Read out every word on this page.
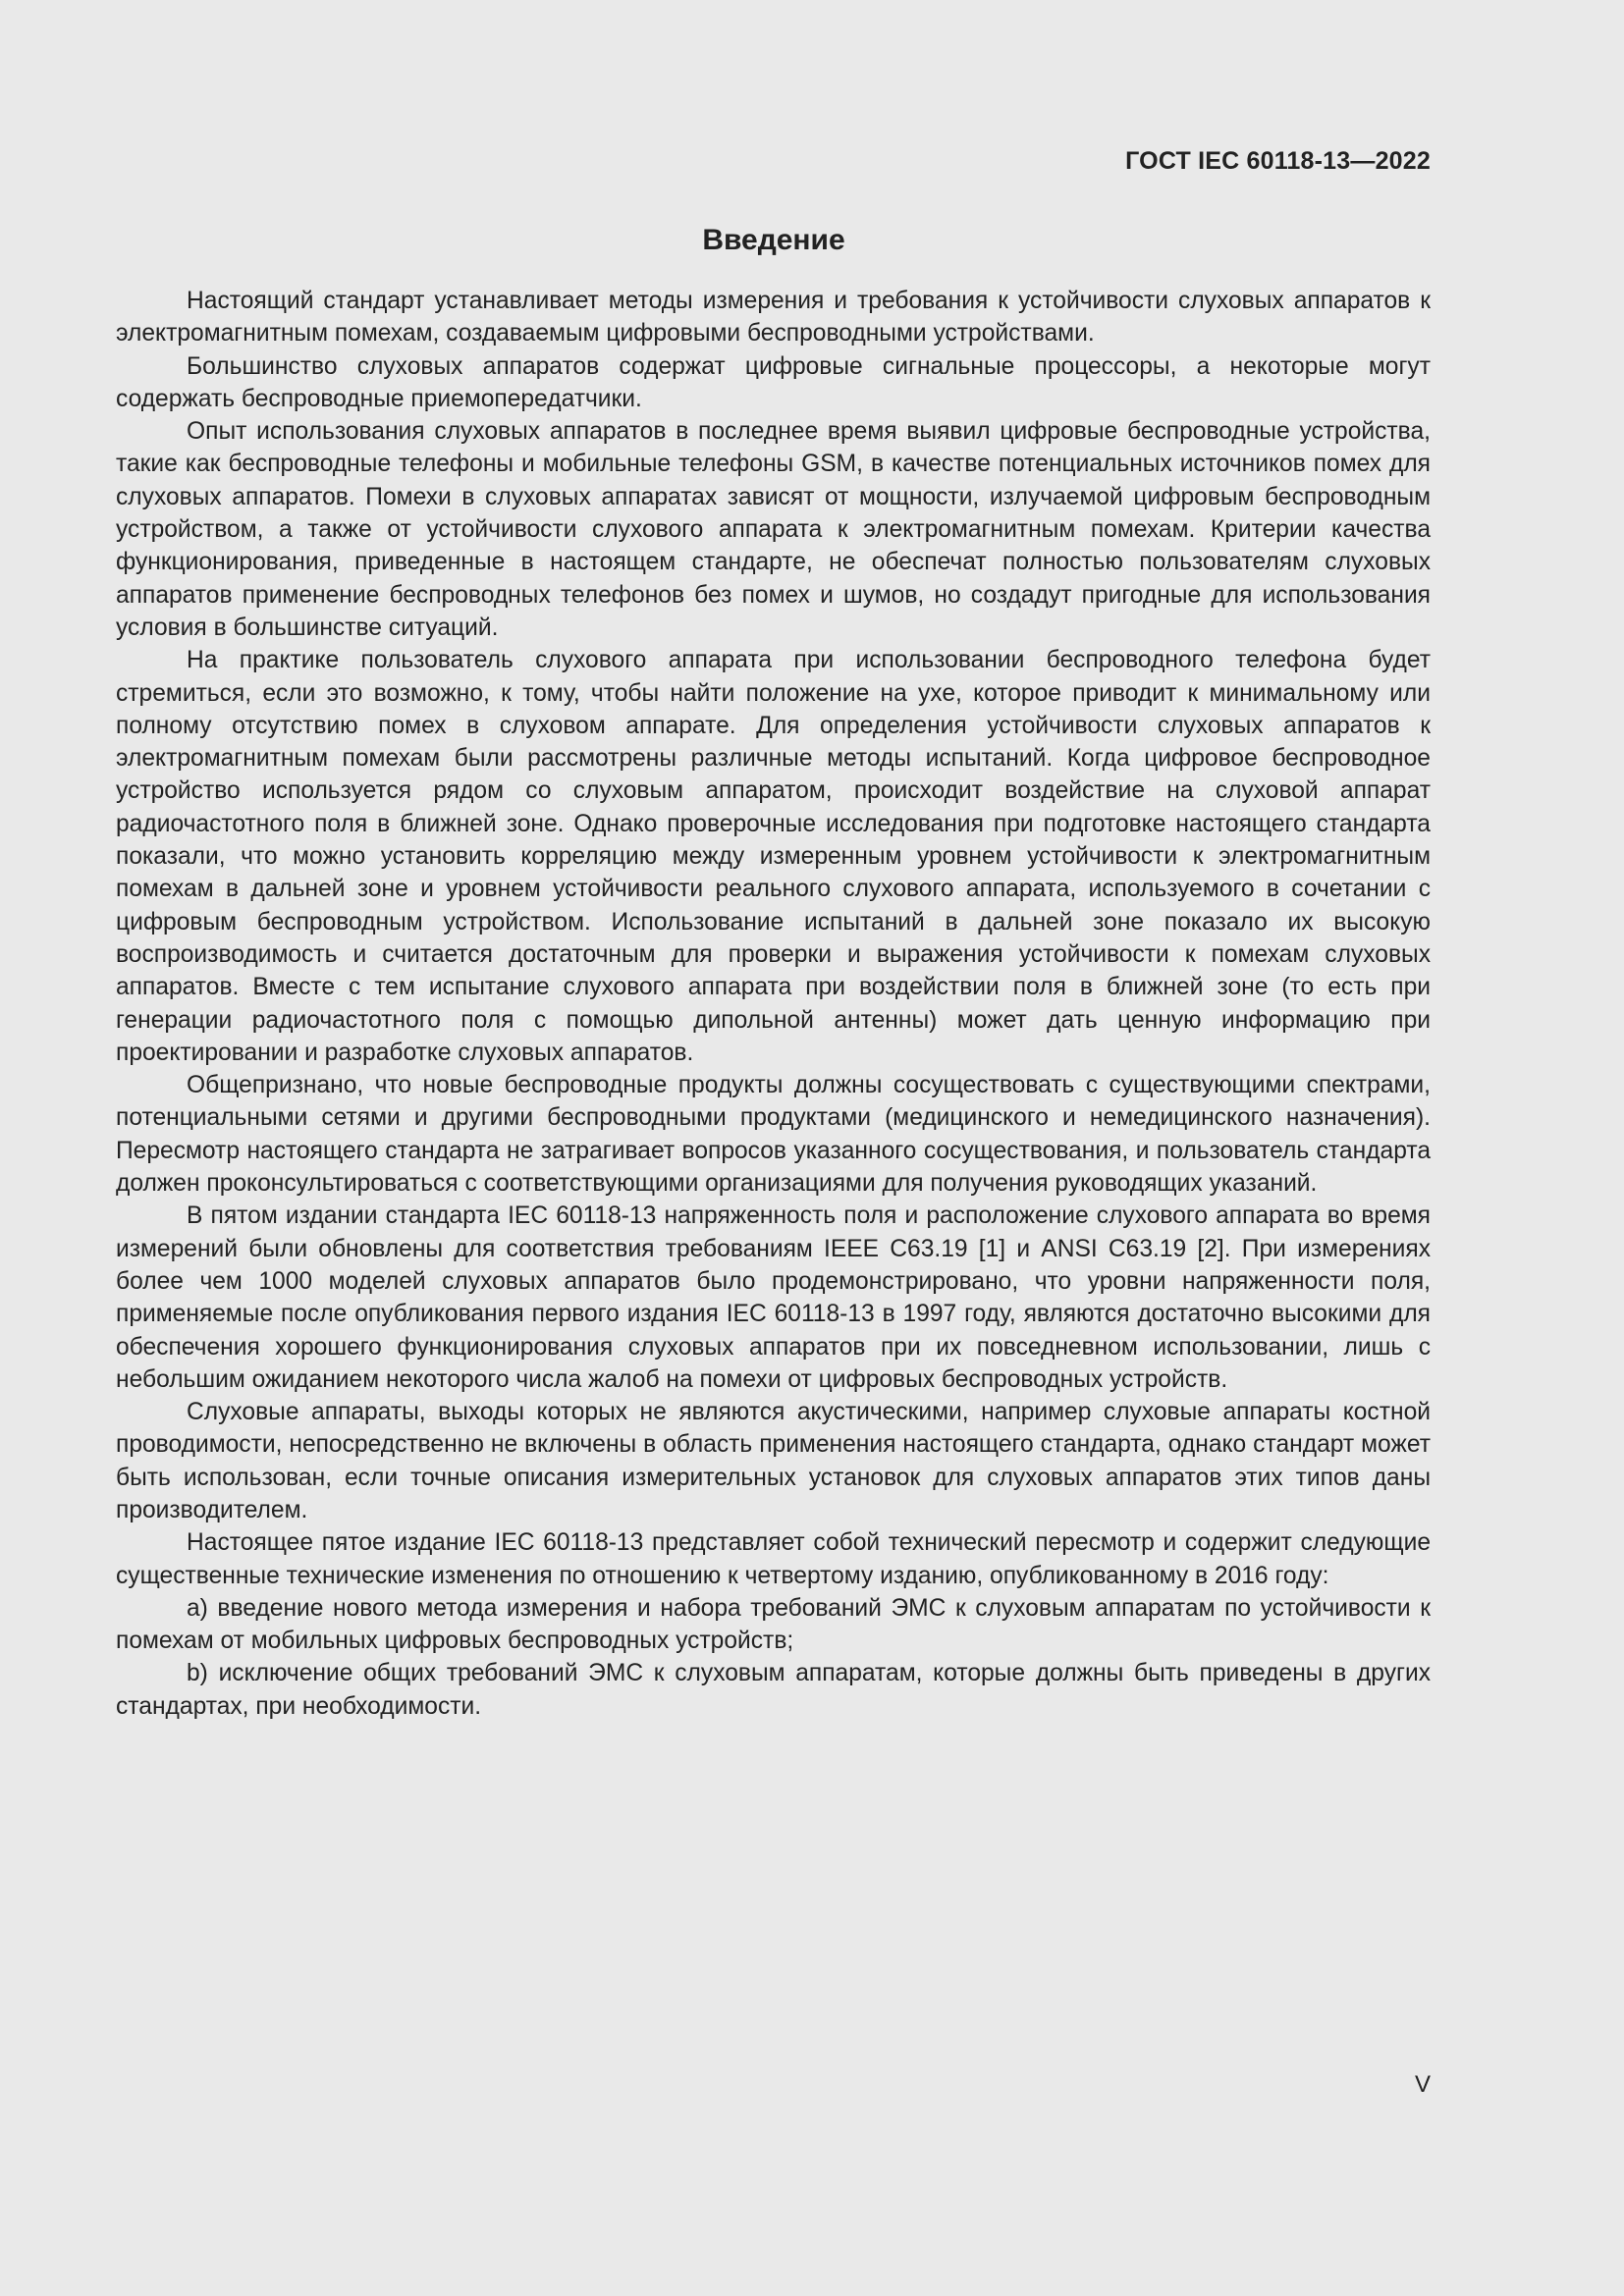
ГОСТ IEC 60118-13—2022
Введение

Настоящий стандарт устанавливает методы измерения и требования к устойчивости слуховых аппаратов к электромагнитным помехам, создаваемым цифровыми беспроводными устройствами.

Большинство слуховых аппаратов содержат цифровые сигнальные процессоры, а некоторые могут содержать беспроводные приемопередатчики.

Опыт использования слуховых аппаратов в последнее время выявил цифровые беспроводные устройства, такие как беспроводные телефоны и мобильные телефоны GSM, в качестве потенциальных источников помех для слуховых аппаратов. Помехи в слуховых аппаратах зависят от мощности, излучаемой цифровым беспроводным устройством, а также от устойчивости слухового аппарата к электромагнитным помехам. Критерии качества функционирования, приведенные в настоящем стандарте, не обеспечат полностью пользователям слуховых аппаратов применение беспроводных телефонов без помех и шумов, но создадут пригодные для использования условия в большинстве ситуаций.

На практике пользователь слухового аппарата при использовании беспроводного телефона будет стремиться, если это возможно, к тому, чтобы найти положение на ухе, которое приводит к минимальному или полному отсутствию помех в слуховом аппарате. Для определения устойчивости слуховых аппаратов к электромагнитным помехам были рассмотрены различные методы испытаний. Когда цифровое беспроводное устройство используется рядом со слуховым аппаратом, происходит воздействие на слуховой аппарат радиочастотного поля в ближней зоне. Однако проверочные исследования при подготовке настоящего стандарта показали, что можно установить корреляцию между измеренным уровнем устойчивости к электромагнитным помехам в дальней зоне и уровнем устойчивости реального слухового аппарата, используемого в сочетании с цифровым беспроводным устройством. Использование испытаний в дальней зоне показало их высокую воспроизводимость и считается достаточным для проверки и выражения устойчивости к помехам слуховых аппаратов. Вместе с тем испытание слухового аппарата при воздействии поля в ближней зоне (то есть при генерации радиочастотного поля с помощью дипольной антенны) может дать ценную информацию при проектировании и разработке слуховых аппаратов.

Общепризнано, что новые беспроводные продукты должны сосуществовать с существующими спектрами, потенциальными сетями и другими беспроводными продуктами (медицинского и немедицинского назначения). Пересмотр настоящего стандарта не затрагивает вопросов указанного сосуществования, и пользователь стандарта должен проконсультироваться с соответствующими организациями для получения руководящих указаний.

В пятом издании стандарта IEC 60118-13 напряженность поля и расположение слухового аппарата во время измерений были обновлены для соответствия требованиям IEEE C63.19 [1] и ANSI C63.19 [2]. При измерениях более чем 1000 моделей слуховых аппаратов было продемонстрировано, что уровни напряженности поля, применяемые после опубликования первого издания IEC 60118-13 в 1997 году, являются достаточно высокими для обеспечения хорошего функционирования слуховых аппаратов при их повседневном использовании, лишь с небольшим ожиданием некоторого числа жалоб на помехи от цифровых беспроводных устройств.

Слуховые аппараты, выходы которых не являются акустическими, например слуховые аппараты костной проводимости, непосредственно не включены в область применения настоящего стандарта, однако стандарт может быть использован, если точные описания измерительных установок для слуховых аппаратов этих типов даны производителем.

Настоящее пятое издание IEC 60118-13 представляет собой технический пересмотр и содержит следующие существенные технические изменения по отношению к четвертому изданию, опубликованному в 2016 году:

а) введение нового метода измерения и набора требований ЭМС к слуховым аппаратам по устойчивости к помехам от мобильных цифровых беспроводных устройств;

b) исключение общих требований ЭМС к слуховым аппаратам, которые должны быть приведены в других стандартах, при необходимости.

V
